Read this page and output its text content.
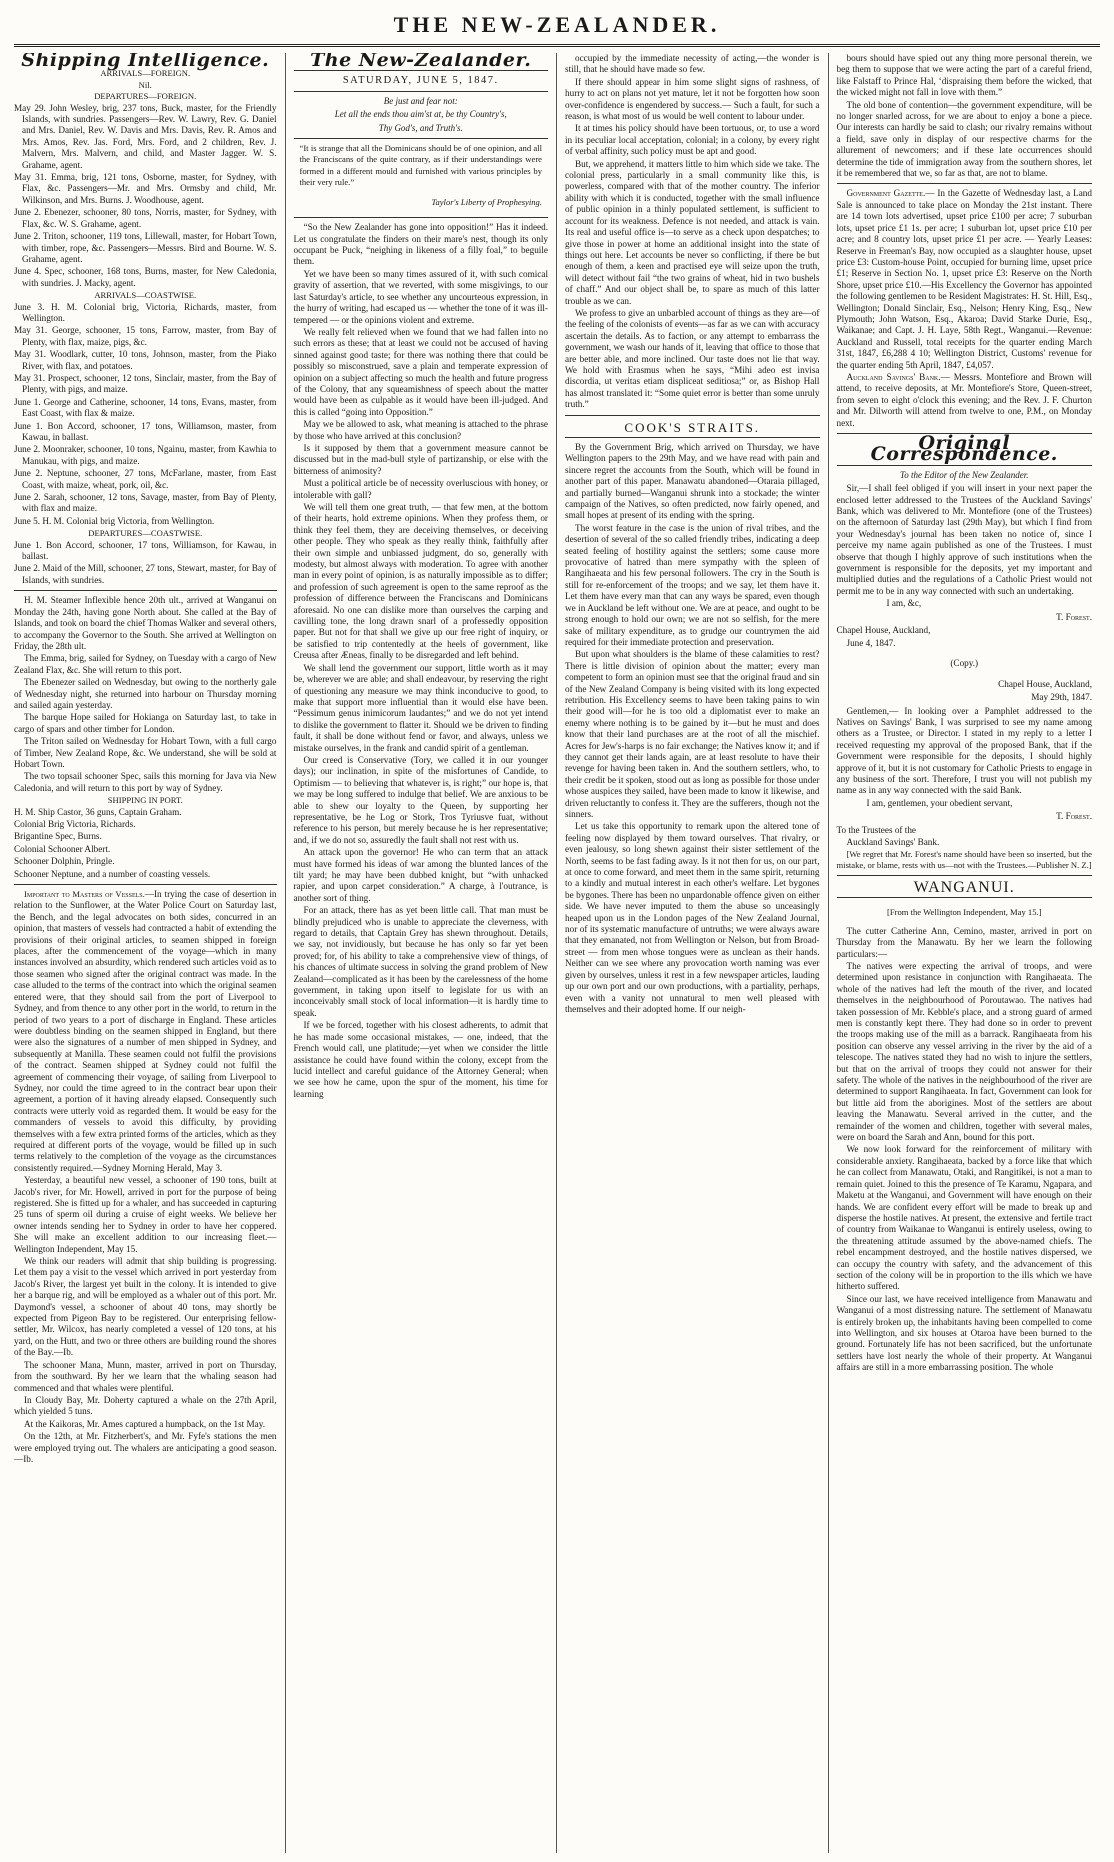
THE NEW-ZEALANDER.
Shipping Intelligence.

ARRIVALS—FOREIGN.

Nil.

DEPARTURES—FOREIGN.

May 29. John Wesley, brig, 237 tons, Buck, master, for the Friendly Islands, with sundries. Passengers—Rev. W. Lawry, Rev. G. Daniel and Mrs. Daniel, Rev. W. Davis and Mrs. Davis, Rev. R. Amos and Mrs. Amos, Rev. Jas. Ford, Mrs. Ford, and 2 children, Rev. J. Malvern, Mrs. Malvern, and child, and Master Jagger. W. S. Grahame, agent.

May 31. Emma, brig, 121 tons, Osborne, master, for Sydney, with Flax, &c. Passengers—Mr. and Mrs. Ormsby and child, Mr. Wilkinson, and Mrs. Burns. J. Woodhouse, agent.

June 2. Ebenezer, schooner, 80 tons, Norris, master, for Sydney, with Flax, &c. W. S. Grahame, agent.

June 2. Triton, schooner, 119 tons, Lillewall, master, for Hobart Town, with timber, rope, &c. Passengers—Messrs. Bird and Bourne. W. S. Grahame, agent.

June 4. Spec, schooner, 168 tons, Burns, master, for New Caledonia, with sundries. J. Macky, agent.

ARRIVALS—COASTWISE.

June 3. H. M. Colonial brig, Victoria, Richards, master, from Wellington.

May 31. George, schooner, 15 tons, Farrow, master, from Bay of Plenty, with flax, maize, pigs, &c.

May 31. Woodlark, cutter, 10 tons, Johnson, master, from the Piako River, with flax, and potatoes.

May 31. Prospect, schooner, 12 tons, Sinclair, master, from the Bay of Plenty, with pigs, and maize.

June 1. George and Catherine, schooner, 14 tons, Evans, master, from East Coast, with flax & maize.

June 1. Bon Accord, schooner, 17 tons, Williamson, master, from Kawau, in ballast.

June 2. Moonraker, schooner, 10 tons, Ngainu, master, from Kawhia to Manukau, with pigs, and maize.

June 2. Neptune, schooner, 27 tons, McFarlane, master, from East Coast, with maize, wheat, pork, oil, &c.

June 2. Sarah, schooner, 12 tons, Savage, master, from Bay of Plenty, with flax and maize.

June 5. H. M. Colonial brig Victoria, from Wellington.

DEPARTURES—COASTWISE.

June 1. Bon Accord, schooner, 17 tons, Williamson, for Kawau, in ballast.

June 2. Maid of the Mill, schooner, 27 tons, Stewart, master, for Bay of Islands, with sundries.

H. M. Steamer Inflexible hence 20th ult., arrived at Wanganui on Monday the 24th, having gone North about. She called at the Bay of Islands, and took on board the chief Thomas Walker and several others, to accompany the Governor to the South. She arrived at Wellington on Friday, the 28th ult.

The Emma, brig, sailed for Sydney, on Tuesday with a cargo of New Zealand Flax, &c. She will return to this port.

The Ebenezer sailed on Wednesday, but owing to the northerly gale of Wednesday night, she returned into harbour on Thursday morning and sailed again yesterday.

The barque Hope sailed for Hokianga on Saturday last, to take in cargo of spars and other timber for London.

The Triton sailed on Wednesday for Hobart Town, with a full cargo of Timber, New Zealand Rope, &c. We understand, she will be sold at Hobart Town.

The two topsail schooner Spec, sails this morning for Java via New Caledonia, and will return to this port by way of Sydney.

SHIPPING IN PORT.

H. M. Ship Castor, 36 guns, Captain Graham.

Colonial Brig Victoria, Richards.

Brigantine Spec, Burns.

Colonial Schooner Albert.

Schooner Dolphin, Pringle.

Schooner Neptune, and a number of coasting vessels.

Important to Masters of Vessels.—In trying the case of desertion in relation to the Sunflower, at the Water Police Court on Saturday last, the Bench, and the legal advocates on both sides, concurred in an opinion, that masters of vessels had contracted a habit of extending the provisions of their original articles, to seamen shipped in foreign places, after the commencement of the voyage—which in many instances involved an absurdity, which rendered such articles void as to those seamen who signed after the original contract was made. In the case alluded to the terms of the contract into which the original seamen entered were, that they should sail from the port of Liverpool to Sydney, and from thence to any other port in the world, to return in the period of two years to a port of discharge in England. These articles were doubtless binding on the seamen shipped in England, but there were also the signatures of a number of men shipped in Sydney, and subsequently at Manilla. These seamen could not fulfil the provisions of the contract. Seamen shipped at Sydney could not fulfil the agreement of commencing their voyage, of sailing from Liverpool to Sydney, nor could the time agreed to in the contract bear upon their agreement, a portion of it having already elapsed. Consequently such contracts were utterly void as regarded them. It would be easy for the commanders of vessels to avoid this difficulty, by providing themselves with a few extra printed forms of the articles, which as they required at different ports of the voyage, would be filled up in such terms relatively to the completion of the voyage as the circumstances consistently required.—Sydney Morning Herald, May 3.

Yesterday, a beautiful new vessel, a schooner of 190 tons, built at Jacob's river, for Mr. Howell, arrived in port for the purpose of being registered. She is fitted up for a whaler, and has succeeded in capturing 25 tuns of sperm oil during a cruise of eight weeks. We believe her owner intends sending her to Sydney in order to have her coppered. She will make an excellent addition to our increasing fleet.—Wellington Independent, May 15.

We think our readers will admit that ship building is progressing. Let them pay a visit to the vessel which arrived in port yesterday from Jacob's River, the largest yet built in the colony. It is intended to give her a barque rig, and will be employed as a whaler out of this port. Mr. Daymond's vessel, a schooner of about 40 tons, may shortly be expected from Pigeon Bay to be registered. Our enterprising fellow-settler, Mr. Wilcox, has nearly completed a vessel of 120 tons, at his yard, on the Hutt, and two or three others are building round the shores of the Bay.—Ib.

The schooner Mana, Munn, master, arrived in port on Thursday, from the southward. By her we learn that the whaling season had commenced and that whales were plentiful.

In Cloudy Bay, Mr. Doherty captured a whale on the 27th April, which yielded 5 tuns.

At the Kaikoras, Mr. Ames captured a humpback, on the 1st May.

On the 12th, at Mr. Fitzherbert's, and Mr. Fyfe's stations the men were employed trying out. The whalers are anticipating a good season.—Ib.

The New-Zealander.
SATURDAY, JUNE 5, 1847.
Be just and fear not:
Let all the ends thou aim'st at, be thy Country's,
Thy God's, and Truth's.

“It is strange that all the Dominicans should be of one opinion, and all the Franciscans of the quite contrary, as if their understandings were formed in a different mould and furnished with various principles by their very rule.”

Taylor's Liberty of Prophesying.

“So the New Zealander has gone into opposition!” Has it indeed. Let us congratulate the finders on their mare's nest, though its only occupant be Puck, “neighing in likeness of a filly foal,” to beguile them.

Yet we have been so many times assured of it, with such comical gravity of assertion, that we reverted, with some misgivings, to our last Saturday's article, to see whether any uncourteous expression, in the hurry of writing, had escaped us — whether the tone of it was ill-tempered — or the opinions violent and extreme.

We really felt relieved when we found that we had fallen into no such errors as these; that at least we could not be accused of having sinned against good taste; for there was nothing there that could be possibly so misconstrued, save a plain and temperate expression of opinion on a subject affecting so much the health and future progress of the Colony, that any squeamishness of speech about the matter would have been as culpable as it would have been ill-judged. And this is called “going into Opposition.”

May we be allowed to ask, what meaning is attached to the phrase by those who have arrived at this conclusion?

Is it supposed by them that a government measure cannot be discussed but in the mad-bull style of partizanship, or else with the bitterness of animosity?

Must a political article be of necessity overluscious with honey, or intolerable with gall?

We will tell them one great truth, — that few men, at the bottom of their hearts, hold extreme opinions. When they profess them, or think they feel them, they are deceiving themselves, or deceiving other people. They who speak as they really think, faithfully after their own simple and unbiassed judgment, do so, generally with modesty, but almost always with moderation. To agree with another man in every point of opinion, is as naturally impossible as to differ; and profession of such agreement is open to the same reproof as the profession of difference between the Franciscans and Dominicans aforesaid. No one can dislike more than ourselves the carping and cavilling tone, the long drawn snarl of a professedly opposition paper. But not for that shall we give up our free right of inquiry, or be satisfied to trip contentedly at the heels of government, like Creusa after Æneas, finally to be disregarded and left behind.

We shall lend the government our support, little worth as it may be, wherever we are able; and shall endeavour, by reserving the right of questioning any measure we may think inconducive to good, to make that support more influential than it would else have been. “Pessimum genus inimicorum laudantes;” and we do not yet intend to dislike the government to flatter it. Should we be driven to finding fault, it shall be done without fend or favor, and always, unless we mistake ourselves, in the frank and candid spirit of a gentleman.

Our creed is Conservative (Tory, we called it in our younger days); our inclination, in spite of the misfortunes of Candide, to Optimism — to believing that whatever is, is right;” our hope is, that we may be long suffered to indulge that belief. We are anxious to be able to shew our loyalty to the Queen, by supporting her representative, be he Log or Stork, Tros Tyriusve fuat, without reference to his person, but merely because he is her representative; and, if we do not so, assuredly the fault shall not rest with us.

An attack upon the governor! He who can term that an attack must have formed his ideas of war among the blunted lances of the tilt yard; he may have been dubbed knight, but “with unhacked rapier, and upon carpet consideration.” A charge, à l'outrance, is another sort of thing.

For an attack, there has as yet been little call. That man must be blindly prejudiced who is unable to appreciate the cleverness, with regard to details, that Captain Grey has shewn throughout. Details, we say, not invidiously, but because he has only so far yet been proved; for, of his ability to take a comprehensive view of things, of his chances of ultimate success in solving the grand problem of New Zealand—complicated as it has been by the carelessness of the home government, in taking upon itself to legislate for us with an inconceivably small stock of local information—it is hardly time to speak.

If we be forced, together with his closest adherents, to admit that he has made some occasional mistakes, — one, indeed, that the French would call, une platitude;—yet when we consider the little assistance he could have found within the colony, except from the lucid intellect and careful guidance of the Attorney General; when we see how he came, upon the spur of the moment, his time for learning

occupied by the immediate necessity of acting,—the wonder is still, that he should have made so few.

If there should appear in him some slight signs of rashness, of hurry to act on plans not yet mature, let it not be forgotten how soon over-confidence is engendered by success.— Such a fault, for such a reason, is what most of us would be well content to labour under.

It at times his policy should have been tortuous, or, to use a word in its peculiar local acceptation, colonial; in a colony, by every right of verbal affinity, such policy must be apt and good.

But, we apprehend, it matters little to him which side we take. The colonial press, particularly in a small community like this, is powerless, compared with that of the mother country. The inferior ability with which it is conducted, together with the small influence of public opinion in a thinly populated settlement, is sufficient to account for its weakness. Defence is not needed, and attack is vain. Its real and useful office is—to serve as a check upon despatches; to give those in power at home an additional insight into the state of things out here. Let accounts be never so conflicting, if there be but enough of them, a keen and practised eye will seize upon the truth, will detect without fail “the two grains of wheat, hid in two bushels of chaff.” And our object shall be, to spare as much of this latter trouble as we can.

We profess to give an unbarbled account of things as they are—of the feeling of the colonists of events—as far as we can with accuracy ascertain the details. As to faction, or any attempt to embarrass the government, we wash our hands of it, leaving that office to those that are better able, and more inclined. Our taste does not lie that way. We hold with Erasmus when he says, “Mihi adeo est invisa discordia, ut veritas etiam displiceat seditiosa;” or, as Bishop Hall has almost translated it: “Some quiet error is better than some unruly truth.”

COOK'S STRAITS.

By the Government Brig, which arrived on Thursday, we have Wellington papers to the 29th May, and we have read with pain and sincere regret the accounts from the South, which will be found in another part of this paper. Manawatu abandoned—Otaraia pillaged, and partially burned—Wanganui shrunk into a stockade; the winter campaign of the Natives, so often predicted, now fairly opened, and small hopes at present of its ending with the spring.

The worst feature in the case is the union of rival tribes, and the desertion of several of the so called friendly tribes, indicating a deep seated feeling of hostility against the settlers; some cause more provocative of hatred than mere sympathy with the spleen of Rangihaeata and his few personal followers. The cry in the South is still for re-enforcement of the troops; and we say, let them have it. Let them have every man that can any ways be spared, even though we in Auckland be left without one. We are at peace, and ought to be strong enough to hold our own; we are not so selfish, for the mere sake of military expenditure, as to grudge our countrymen the aid required for their immediate protection and preservation.

But upon what shoulders is the blame of these calamities to rest? There is little division of opinion about the matter; every man competent to form an opinion must see that the original fraud and sin of the New Zealand Company is being visited with its long expected retribution. His Excellency seems to have been taking pains to win their good will—for he is too old a diplomatist ever to make an enemy where nothing is to be gained by it—but he must and does know that their land purchases are at the root of all the mischief. Acres for Jew's-harps is no fair exchange; the Natives know it; and if they cannot get their lands again, are at least resolute to have their revenge for having been taken in. And the southern settlers, who, to their credit be it spoken, stood out as long as possible for those under whose auspices they sailed, have been made to know it likewise, and driven reluctantly to confess it. They are the sufferers, though not the sinners.

Let us take this opportunity to remark upon the altered tone of feeling now displayed by them toward ourselves. That rivalry, or even jealousy, so long shewn against their sister settlement of the North, seems to be fast fading away. Is it not then for us, on our part, at once to come forward, and meet them in the same spirit, returning to a kindly and mutual interest in each other's welfare. Let bygones be bygones. There has been no unpardonable offence given on either side. We have never imputed to them the abuse so unceasingly heaped upon us in the London pages of the New Zealand Journal, nor of its systematic manufacture of untruths; we were always aware that they emanated, not from Wellington or Nelson, but from Broad-street — from men whose tongues were as unclean as their hands. Neither can we see where any provocation worth naming was ever given by ourselves, unless it rest in a few newspaper articles, lauding up our own port and our own productions, with a partiality, perhaps, even with a vanity not unnatural to men well pleased with themselves and their adopted home. If our neigh-

bours should have spied out any thing more personal therein, we beg them to suppose that we were acting the part of a careful friend, like Falstaff to Prince Hal, ‘dispraising them before the wicked, that the wicked might not fall in love with them.”

The old bone of contention—the government expenditure, will be no longer snarled across, for we are about to enjoy a bone a piece. Our interests can hardly be said to clash; our rivalry remains without a field, save only in display of our respective charms for the allurement of newcomers; and if these late occurrences should determine the tide of immigration away from the southern shores, let it be remembered that we, so far as that, are not to blame.

Government Gazette.— In the Gazette of Wednesday last, a Land Sale is announced to take place on Monday the 21st instant. There are 14 town lots advertised, upset price £100 per acre; 7 suburban lots, upset price £1 1s. per acre; 1 suburban lot, upset price £10 per acre; and 8 country lots, upset price £1 per acre. — Yearly Leases: Reserve in Freeman's Bay, now occupied as a slaughter house, upset price £3: Custom-house Point, occupied for burning lime, upset price £1; Reserve in Section No. 1, upset price £3: Reserve on the North Shore, upset price £10.—His Excellency the Governor has appointed the following gentlemen to be Resident Magistrates: H. St. Hill, Esq., Wellington; Donald Sinclair, Esq., Nelson; Henry King, Esq., New Plymouth; John Watson, Esq., Akaroa; David Starke Durie, Esq., Waikanae; and Capt. J. H. Laye, 58th Regt., Wanganui.—Revenue: Auckland and Russell, total receipts for the quarter ending March 31st, 1847, £6,288 4 10; Wellington District, Customs' revenue for the quarter ending 5th April, 1847, £4,057.

Auckland Savings' Bank.— Messrs. Montefiore and Brown will attend, to receive deposits, at Mr. Montefiore's Store, Queen-street, from seven to eight o'clock this evening; and the Rev. J. F. Churton and Mr. Dilworth will attend from twelve to one, P.M., on Monday next.

Original Correspondence.

To the Editor of the New Zealander.

Sir,—I shall feel obliged if you will insert in your next paper the enclosed letter addressed to the Trustees of the Auckland Savings' Bank, which was delivered to Mr. Montefiore (one of the Trustees) on the afternoon of Saturday last (29th May), but which I find from your Wednesday's journal has been taken no notice of, since I perceive my name again published as one of the Trustees. I must observe that though I highly approve of such institutions when the government is responsible for the deposits, yet my important and multiplied duties and the regulations of a Catholic Priest would not permit me to be in any way connected with such an undertaking.

I am, &c,

T. Forest.

Chapel House, Auckland,

June 4, 1847.

(Copy.)

Chapel House, Auckland,

May 29th, 1847.

Gentlemen,— In looking over a Pamphlet addressed to the Natives on Savings' Bank, I was surprised to see my name among others as a Trustee, or Director. I stated in my reply to a letter I received requesting my approval of the proposed Bank, that if the Government were responsible for the deposits, I should highly approve of it, but it is not customary for Catholic Priests to engage in any business of the sort. Therefore, I trust you will not publish my name as in any way connected with the said Bank.

I am, gentlemen, your obedient servant,

T. Forest.

To the Trustees of the

Auckland Savings' Bank.

[We regret that Mr. Forest's name should have been so inserted, but the mistake, or blame, rests with us—not with the Trustees.—Publisher N. Z.]

WANGANUI.

[From the Wellington Independent, May 15.]

The cutter Catherine Ann, Cemino, master, arrived in port on Thursday from the Manawatu. By her we learn the following particulars:—

The natives were expecting the arrival of troops, and were determined upon resistance in conjunction with Rangihaeata. The whole of the natives had left the mouth of the river, and located themselves in the neighbourhood of Poroutawao. The natives had taken possession of Mr. Kebble's place, and a strong guard of armed men is constantly kept there. They had done so in order to prevent the troops making use of the mill as a barrack. Rangihaeata from his position can observe any vessel arriving in the river by the aid of a telescope. The natives stated they had no wish to injure the settlers, but that on the arrival of troops they could not answer for their safety. The whole of the natives in the neighbourhood of the river are determined to support Rangihaeata. In fact, Government can look for but little aid from the aborigines. Most of the settlers are about leaving the Manawatu. Several arrived in the cutter, and the remainder of the women and children, together with several males, were on board the Sarah and Ann, bound for this port.

We now look forward for the reinforcement of military with considerable anxiety. Rangihaeata, backed by a force like that which he can collect from Manawatu, Otaki, and Rangitikei, is not a man to remain quiet. Joined to this the presence of Te Karamu, Ngapara, and Maketu at the Wanganui, and Government will have enough on their hands. We are confident every effort will be made to break up and disperse the hostile natives. At present, the extensive and fertile tract of country from Waikanae to Wanganui is entirely useless, owing to the threatening attitude assumed by the above-named chiefs. The rebel encampment destroyed, and the hostile natives dispersed, we can occupy the country with safety, and the advancement of this section of the colony will be in proportion to the ills which we have hitherto suffered.

Since our last, we have received intelligence from Manawatu and Wanganui of a most distressing nature. The settlement of Manawatu is entirely broken up, the inhabitants having been compelled to come into Wellington, and six houses at Otaroa have been burned to the ground. Fortunately life has not been sacrificed, but the unfortunate settlers have lost nearly the whole of their property. At Wanganui affairs are still in a more embarrassing position. The whole
